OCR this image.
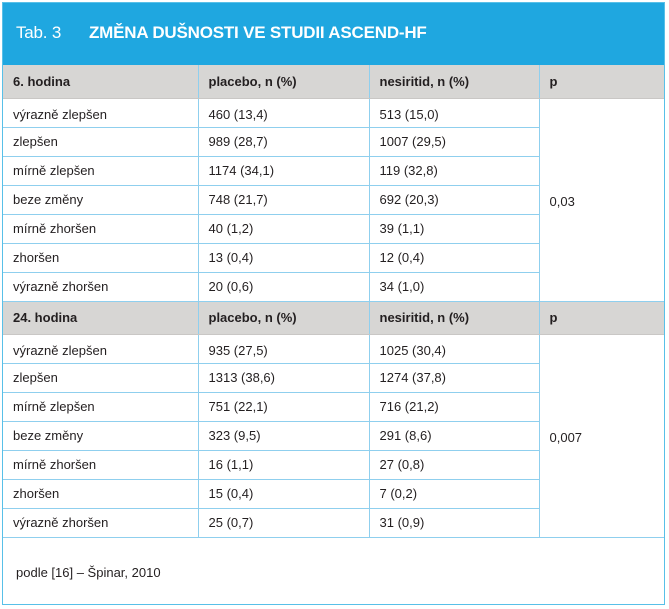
Tab. 3 ZMĚNA DUŠNOSTI VE STUDII ASCEND-HF
6. hodina	placebo, n (%)	nesiritid, n (%)	p
výrazně zlepšen	460 (13,4)	513 (15,0)	0,03
zlepšen	989 (28,7)	1007 (29,5)	
mírně zlepšen	1174 (34,1)	119 (32,8)	
beze změny	748 (21,7)	692 (20,3)	
mírně zhoršen	40 (1,2)	39 (1,1)	
zhoršen	13 (0,4)	12 (0,4)	
výrazně zhoršen	20 (0,6)	34 (1,0)	
24. hodina	placebo, n (%)	nesiritid, n (%)	p
výrazně zlepšen	935 (27,5)	1025 (30,4)	0,007
zlepšen	1313 (38,6)	1274 (37,8)	
mírně zlepšen	751 (22,1)	716 (21,2)	
beze změny	323 (9,5)	291 (8,6)	
mírně zhoršen	16 (1,1)	27 (0,8)	
zhoršen	15 (0,4)	7 (0,2)	
výrazně zhoršen	25 (0,7)	31 (0,9)	
podle [16] – Špinar, 2010
